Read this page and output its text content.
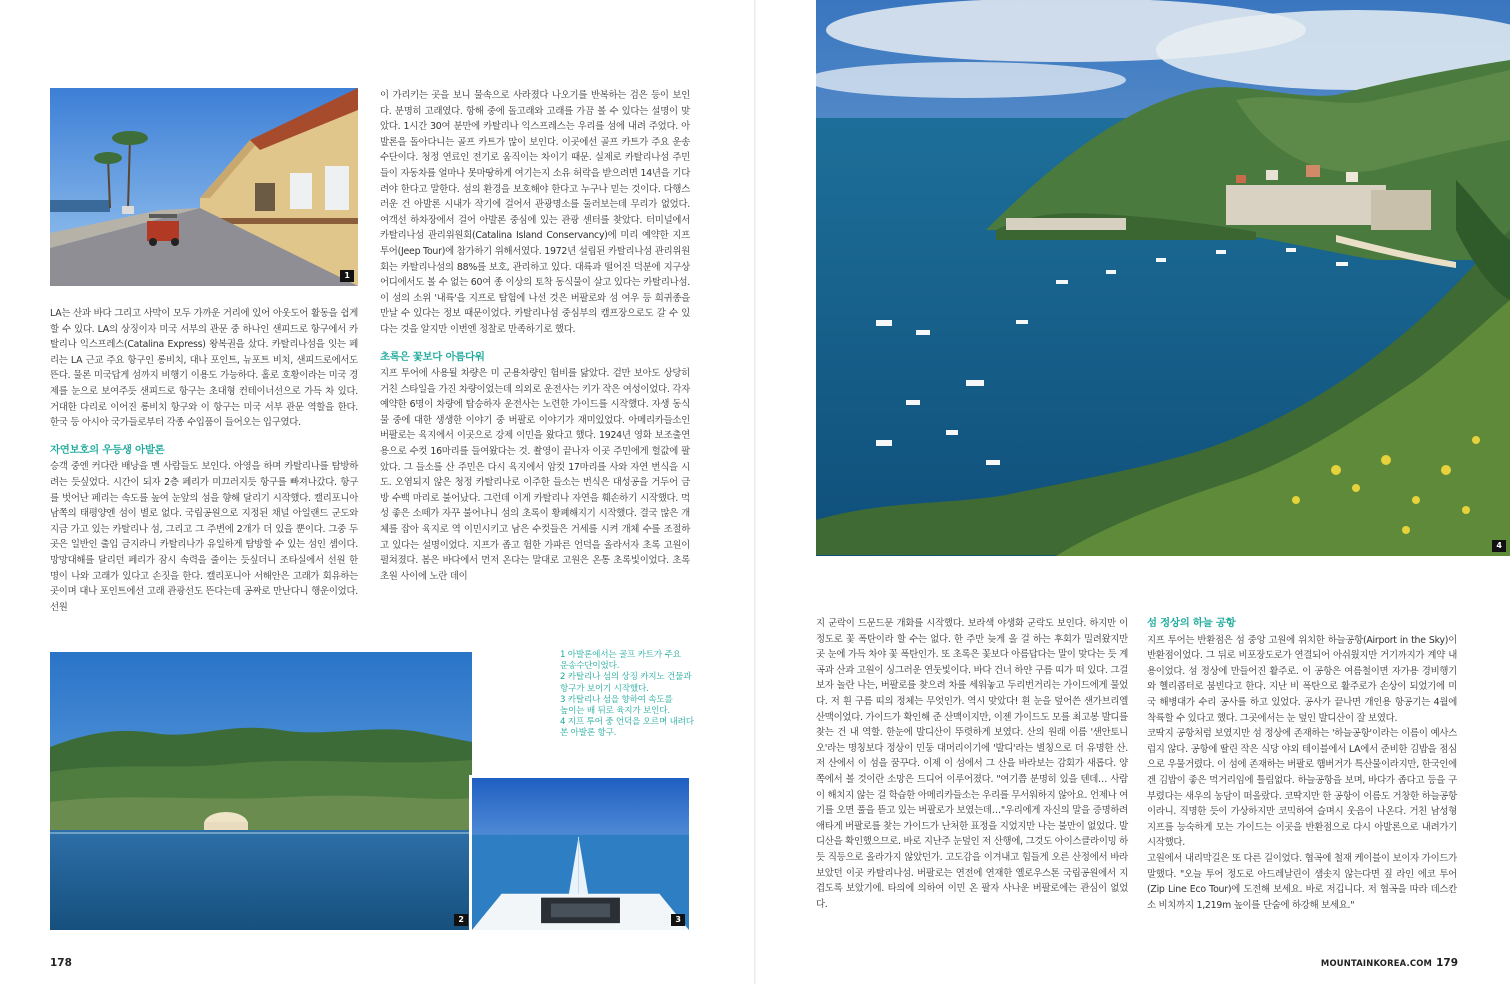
1
2	3
4

LA는 산과 바다 그리고 사막이 모두 가까운 거리에 있어 아웃도어 활동을 쉽게 할 수 있다. LA의 상징이자 미국 서부의 관문 중 하나인 샌피드로 항구에서 카탈리나 익스프레스(Catalina Express) 왕복권을 샀다. 카탈리나섬을 잇는 페리는 LA 근교 주요 항구인 롱비치, 대나 포인트, 뉴포트 비치, 샌피드로에서도 뜬다. 물론 미국답게 섬까지 비행기 이용도 가능하다. 홀로 호황이라는 미국 경제를 눈으로 보여주듯 샌피드로 항구는 초대형 컨테이너선으로 가득 차 있다. 거대한 다리로 이어진 롱비치 항구와 이 항구는 미국 서부 관문 역할을 한다. 한국 등 아시아 국가들로부터 각종 수입품이 들어오는 입구였다.

자연보호의 우등생 아발론

승객 중엔 커다란 배낭을 멘 사람들도 보인다. 아영을 하며 카탈리나를 탐방하려는 듯싶었다. 시간이 되자 2층 페리가 미끄러지듯 항구를 빠져나갔다. 항구를 벗어난 페리는 속도를 높여 눈앞의 섬을 향해 달리기 시작했다. 캘리포니아 남쪽의 태평양엔 섬이 별로 없다. 국립공원으로 지정된 채널 아일랜드 군도와 지금 가고 있는 카탈리나 섬, 그리고 그 주변에 2개가 더 있을 뿐이다. 그중 두 곳은 일반인 출입 금지라니 카탈리나가 유일하게 탐방할 수 있는 섬인 셈이다. 망망대해를 달리던 페리가 잠시 속력을 줄이는 듯싶더니 조타실에서 선원 한 명이 나와 고래가 있다고 손짓을 한다. 캘리포니아 서해안은 고래가 회유하는 곳이며 대나 포인트에선 고래 관광선도 뜬다는데 공짜로 만난다니 행운이었다. 선원

이 가리키는 곳을 보니 물속으로 사라졌다 나오기를 반복하는 검은 등이 보인다. 분명히 고래였다. 항해 중에 돌고래와 고래를 가끔 볼 수 있다는 설명이 맞았다. 1시간 30여 분만에 카탈리나 익스프레스는 우리를 섬에 내려 주었다. 아발론을 돌아다니는 골프 카트가 많이 보인다. 이곳에선 골프 카트가 주요 운송수단이다. 청정 연료인 전기로 움직이는 차이기 때문. 실제로 카탈리나섬 주민들이 자동차를 얼마나 못마땅하게 여기는지 소유 허락을 받으려면 14년을 기다려야 한다고 말한다. 섬의 환경을 보호해야 한다고 누구나 믿는 것이다. 다행스러운 건 아발론 시내가 작기에 걸어서 관광명소를 둘러보는데 무리가 없었다. 여객선 하차장에서 걸어 아발론 중심에 있는 관광 센터를 찾았다. 터미널에서 카탈리나섬 관리위원회(Catalina Island Conservancy)에 미리 예약한 지프 투어(Jeep Tour)에 참가하기 위해서였다. 1972년 설립된 카탈리나섬 관리위원회는 카탈리나섬의 88%를 보호, 관리하고 있다. 대륙과 떨어진 덕분에 지구상 어디에서도 볼 수 없는 60여 종 이상의 토착 동식물이 살고 있다는 카탈리나섬. 이 섬의 소위 '내륙'을 지프로 탐험에 나선 것은 버팔로와 섬 여우 등 희귀종을 만날 수 있다는 정보 때문이었다. 카탈리나섬 중심부의 캠프장으로도 갈 수 있다는 것을 알지만 이번엔 정찰로 만족하기로 했다.

초록은 꽃보다 아름다워

지프 투어에 사용될 차량은 미 군용차량인 험비를 닮았다. 겉만 보아도 상당히 거친 스타일을 가진 차량이었는데 의외로 운전사는 키가 작은 여성이었다. 각자 예약한 6명이 차량에 탑승하자 운전사는 노련한 가이드를 시작했다. 자생 동식물 중에 대한 생생한 이야기 중 버팔로 이야기가 재미있었다. 아메리카들소인 버팔로는 육지에서 이곳으로 강제 이민을 왔다고 했다. 1924년 영화 보조출연용으로 수컷 16마리를 들여왔다는 것. 촬영이 끝나자 이곳 주민에게 헐값에 팔았다. 그 들소를 산 주민은 다시 육지에서 암컷 17마리를 사와 자연 번식을 시도. 오염되지 않은 청정 카탈리나로 이주한 들소는 번식은 대성공을 거두어 금방 수백 마리로 불어났다. 그런데 이게 카탈리나 자연을 훼손하기 시작했다. 먹성 좋은 소떼가 자꾸 불어나니 섬의 초록이 황폐해지기 시작했다. 결국 많은 개체를 잡아 육지로 역 이민시키고 남은 수컷들은 거세를 시켜 개체 수를 조절하고 있다는 설명이었다. 지프가 좁고 험한 가파른 언덕을 올라서자 초록 고원이 펼쳐졌다. 봄은 바다에서 먼저 온다는 말대로 고원은 온통 초록빛이었다. 초록 초원 사이에 노란 데이

1 아발론에서는 골프 카트가 주요
운송수단이었다.
2 카탈리나 섬의 상징 카지노 건물과
항구가 보이기 시작했다.
3 카탈리나 섬을 향하여 속도를
높이는 배 뒤로 육지가 보인다.
4 지프 투어 중 언덕을 오르며 내려다
본 아발론 항구.

지 군락이 드문드문 개화를 시작했다. 보라색 야생화 군락도 보인다. 하지만 이 정도로 꽃 폭탄이라 할 수는 없다. 한 주만 늦게 올 걸 하는 후회가 밀려왔지만 곳 눈에 가득 차야 꽃 폭탄인가. 또 초록은 꽃보다 아름답다는 말이 맞다는 듯 계곡과 산과 고원이 싱그러운 연둣빛이다. 바다 건너 하얀 구름 띠가 떠 있다. 그걸 보자 놀란 나는, 버팔로를 찾으려 차를 세워놓고 두리번거리는 가이드에게 물었다. 저 흰 구름 띠의 정체는 무엇인가. 역시 맞았다! 흰 눈을 덮어쓴 샌가브리엘산맥이었다. 가이드가 확인해 준 산맥이지만, 이젠 가이드도 모를 최고봉 발디를 찾는 건 내 역할. 한눈에 발디산이 뚜렷하게 보였다. 산의 원래 이름 '샌안토니오'라는 명칭보다 정상이 민둥 대머리이기에 '발디'라는 별칭으로 더 유명한 산. 저 산에서 이 섬을 꿈꾸다. 이제 이 섬에서 그 산을 바라보는 감회가 새롭다. 양쪽에서 볼 것이란 소망은 드디어 이루어졌다. "여기쯤 분명히 있을 텐데… 사람이 해치지 않는 걸 학습한 아메리카들소는 우리를 무서워하지 않아요. 언제나 여기를 오면 풀을 뜯고 있는 버팔로가 보였는데…"우리에게 자신의 말을 증명하려 애타게 버팔로를 찾는 가이드가 난처한 표정을 지었지만 나는 불만이 없었다. 발디산을 확인했으므로. 바로 지난주 눈덮인 저 산행에, 그것도 아이스클라이밍 하듯 직등으로 올라가지 않았던가. 고도감을 이겨내고 힘들게 오른 산정에서 바라보았던 이곳 카탈리나섬. 버팔로는 연전에 연재한 옐로우스톤 국립공원에서 지겹도록 보았기에. 타의에 의하여 이민 온 팔자 사나운 버팔로에는 관심이 없었다.

섬 정상의 하늘 공항

지프 투어는 반환점은 섬 중앙 고원에 위치한 하늘공항(Airport in the Sky)이 반환점이었다. 그 뒤로 비포장도로가 연결되어 아쉬웠지만 거기까지가 계약 내용이었다. 섬 정상에 만들어진 활주로. 이 공항은 여름철이면 자가용 경비행기와 헬리콥터로 붐빈다고 한다. 지난 비 폭탄으로 활주로가 손상이 되었기에 미국 해병대가 수리 공사를 하고 있었다. 공사가 끝나면 개인용 항공기는 4월에 착륙할 수 있다고 했다. 그곳에서는 눈 덮인 발디산이 잘 보였다.

코딱지 공항처럼 보였지만 섬 정상에 존재하는 '하늘공항'이라는 이름이 예사스럽지 않다. 공항에 딸린 작은 식당 야외 테이블에서 LA에서 준비한 김밥을 점심으로 우물거렸다. 이 섬에 존재하는 버팔로 햄버거가 특산물이라지만, 한국인에겐 김밥이 좋은 먹거리임에 틀림없다. 하늘공항을 보며, 바다가 좁다고 등을 구부렸다는 새우의 농담이 떠올랐다. 코딱지만 한 공항이 이름도 거창한 하늘공항이라니. 직명한 듯이 가상하지만 코믹하여 슬며시 웃음이 나온다. 거친 남성형 지프를 능숙하게 모는 가이드는 이곳을 반환점으로 다시 아발론으로 내려가기 시작했다.

고원에서 내리막길은 또 다른 길이었다. 협곡에 철재 케이블이 보이자 가이드가 말했다. "오늘 투어 정도로 아드레날린이 샘솟지 않는다면 짚 라인 에코 투어(Zip Line Eco Tour)에 도전해 보세요. 바로 저깁니다. 저 협곡을 따라 데스칸소 비치까지 1,219m 높이를 단숨에 하강해 보세요."

178	MOUNTAINKOREA.COM 179
